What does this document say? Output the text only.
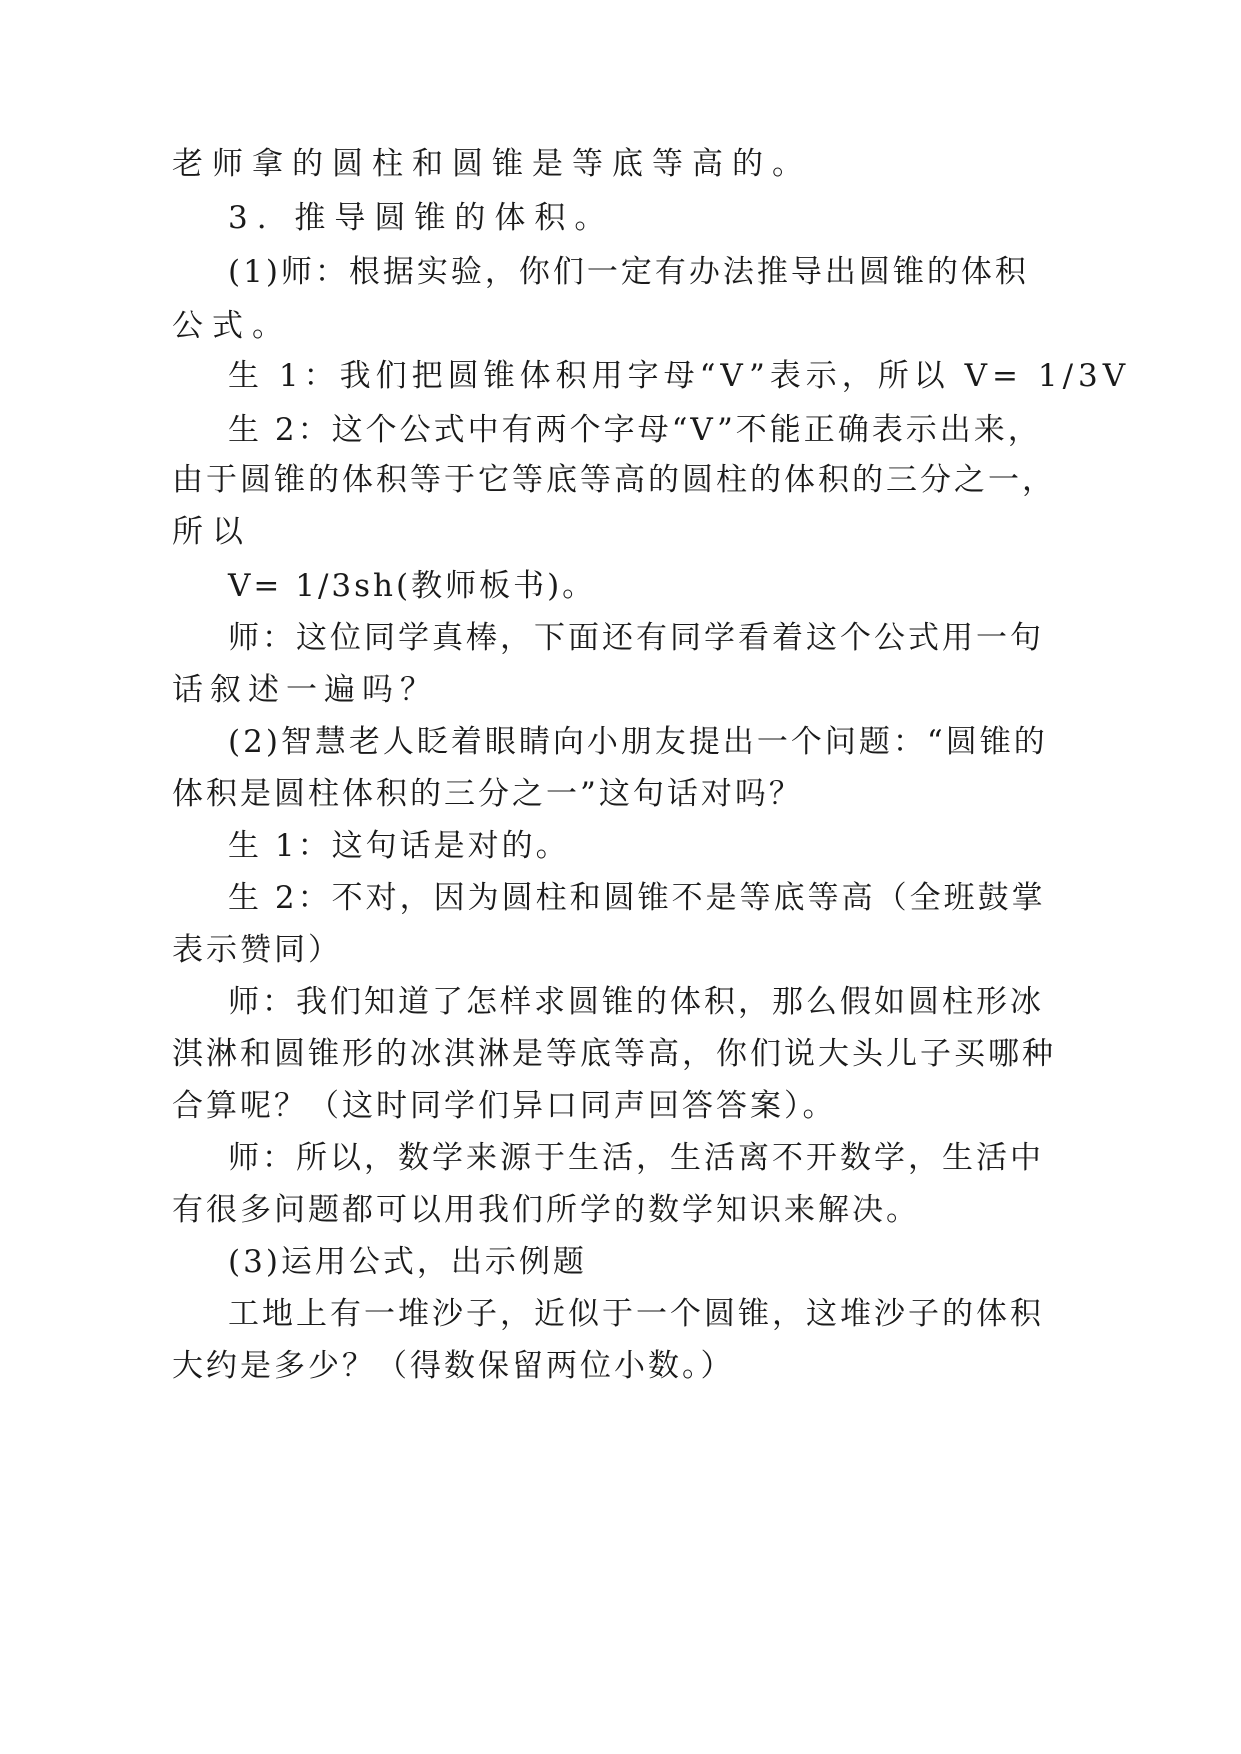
老师拿的圆柱和圆锥是等底等高的。

3. 推导圆锥的体积。

(1)师：根据实验，你们一定有办法推导出圆锥的体积

公式。

生 1：我们把圆锥体积用字母“V”表示，所以 V= 1/3V

生 2：这个公式中有两个字母“V”不能正确表示出来，

由于圆锥的体积等于它等底等高的圆柱的体积的三分之一，

所以

V= 1/3sh(教师板书)。

师：这位同学真棒，下面还有同学看着这个公式用一句

话叙述一遍吗？

(2)智慧老人眨着眼睛向小朋友提出一个问题：“圆锥的

体积是圆柱体积的三分之一”这句话对吗？

生 1：这句话是对的。

生 2：不对，因为圆柱和圆锥不是等底等高（全班鼓掌

表示赞同）

师：我们知道了怎样求圆锥的体积，那么假如圆柱形冰

淇淋和圆锥形的冰淇淋是等底等高，你们说大头儿子买哪种

合算呢？（这时同学们异口同声回答答案）。

师：所以，数学来源于生活，生活离不开数学，生活中

有很多问题都可以用我们所学的数学知识来解决。

(3)运用公式，出示例题

工地上有一堆沙子，近似于一个圆锥，这堆沙子的体积

大约是多少？（得数保留两位小数。）
